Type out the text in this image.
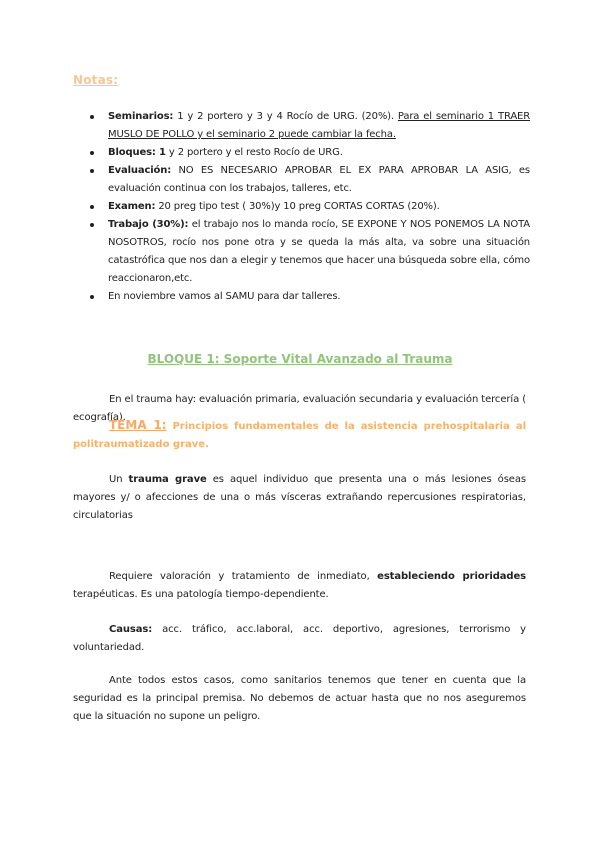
Notas:
Seminarios: 1 y 2 portero y 3 y 4 Rocío de URG. (20%). Para el seminario 1 TRAER MUSLO DE POLLO y el seminario 2 puede cambiar la fecha.
Bloques: 1 y 2 portero y el resto Rocío de URG.
Evaluación: NO ES NECESARIO APROBAR EL EX PARA APROBAR LA ASIG, es evaluación continua con los trabajos, talleres, etc.
Examen: 20 preg tipo test ( 30%)y 10 preg CORTAS CORTAS (20%).
Trabajo (30%): el trabajo nos lo manda rocío, SE EXPONE Y NOS PONEMOS LA NOTA NOSOTROS, rocío nos pone otra y se queda la más alta, va sobre una situación catastrófica que nos dan a elegir y tenemos que hacer una búsqueda sobre ella, cómo reaccionaron,etc.
En noviembre vamos al SAMU para dar talleres.
BLOQUE 1: Soporte Vital Avanzado al Trauma
En el trauma hay: evaluación primaria, evaluación secundaria y evaluación tercería ( ecografía).
TEMA 1: Principios fundamentales de la asistencia prehospitalaria al politraumatizado grave.
Un trauma grave es aquel individuo que presenta una o más lesiones óseas mayores y/ o afecciones de una o más vísceras extrañando repercusiones respiratorias, circulatorias
Requiere valoración y tratamiento de inmediato, estableciendo prioridades terapéuticas. Es una patología tiempo-dependiente.
Causas: acc. tráfico, acc.laboral, acc. deportivo, agresiones, terrorismo y voluntariedad.
Ante todos estos casos, como sanitarios tenemos que tener en cuenta que la seguridad es la principal premisa. No debemos de actuar hasta que no nos aseguremos que la situación no supone un peligro.
